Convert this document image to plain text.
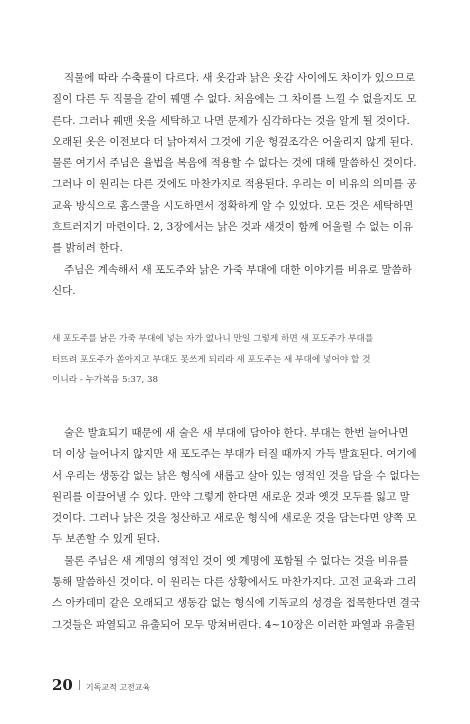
직물에 따라 수축률이 다르다. 새 옷감과 낡은 옷감 사이에도 차이가 있으므로
질이 다른 두 직물을 같이 꿰맬 수 없다. 처음에는 그 차이를 느낄 수 없을지도 모
른다. 그러나 꿰맨 옷을 세탁하고 나면 문제가 심각하다는 것을 알게 될 것이다.
오래된 옷은 이전보다 더 낡아져서 그것에 기운 헝겊조각은 어울리지 않게 된다.
물론 여기서 주님은 율법을 복음에 적용할 수 없다는 것에 대해 말씀하신 것이다.
그러나 이 원리는 다른 것에도 마찬가지로 적용된다. 우리는 이 비유의 의미를 공
교육 방식으로 홈스쿨을 시도하면서 정확하게 알 수 있었다. 모든 것은 세탁하면
흐트러지기 마련이다. 2, 3장에서는 낡은 것과 새것이 함께 어울릴 수 없는 이유
를 밝히려 한다.

주님은 계속해서 새 포도주와 낡은 가죽 부대에 대한 이야기를 비유로 말씀하
신다.

새 포도주를 낡은 가죽 부대에 넣는 자가 없나니 만일 그렇게 하면 새 포도주가 부대를
터뜨려 포도주가 쏟아지고 부대도 못쓰게 되리라 새 포도주는 새 부대에 넣어야 할 것
이니라 - 누가복음 5:37, 38

술은 발효되기 때문에 새 술은 새 부대에 담아야 한다. 부대는 한번 늘어나면
더 이상 늘어나지 않지만 새 포도주는 부대가 터질 때까지 가득 발효된다. 여기에
서 우리는 생동감 없는 낡은 형식에 새롭고 살아 있는 영적인 것을 담을 수 없다는
원리를 이끌어낼 수 있다. 만약 그렇게 한다면 새로운 것과 옛것 모두를 잃고 말
것이다. 그러나 낡은 것을 청산하고 새로운 형식에 새로운 것을 담는다면 양쪽 모
두 보존할 수 있게 된다.

물론 주님은 새 계명의 영적인 것이 옛 계명에 포함될 수 없다는 것을 비유를
통해 말씀하신 것이다. 이 원리는 다른 상황에서도 마찬가지다. 고전 교육과 그리
스 아카데미 같은 오래되고 생동감 없는 형식에 기독교의 성경을 접목한다면 결국
그것들은 파열되고 유출되어 모두 망쳐버린다. 4~10장은 이러한 파열과 유출된

20 기독교적 고전교육
